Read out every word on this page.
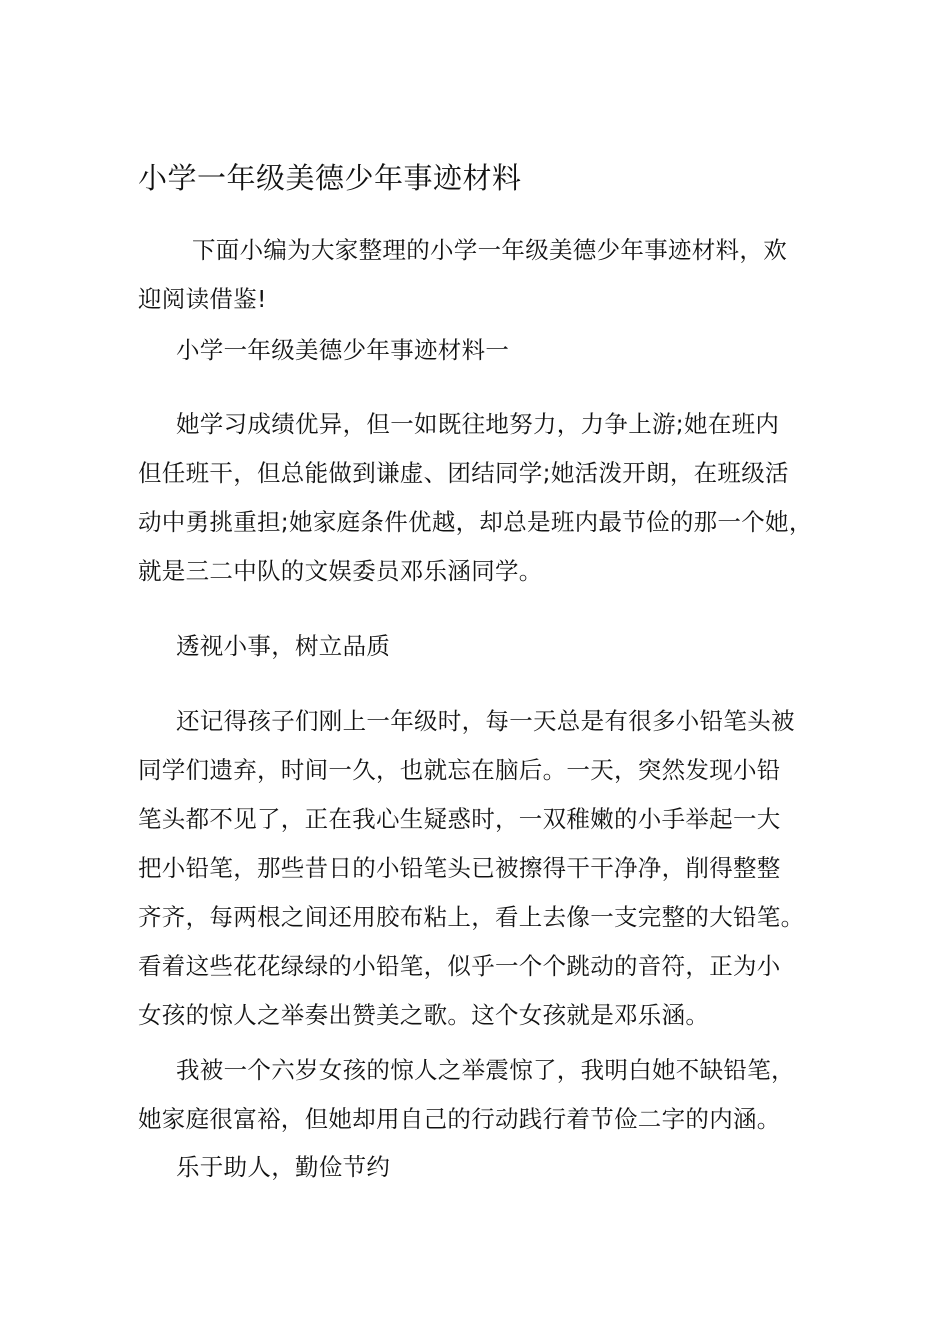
小学一年级美德少年事迹材料
下面小编为大家整理的小学一年级美德少年事迹材料，欢
迎阅读借鉴!
小学一年级美德少年事迹材料一
她学习成绩优异，但一如既往地努力，力争上游;她在班内
但任班干，但总能做到谦虚、团结同学;她活泼开朗，在班级活
动中勇挑重担;她家庭条件优越，却总是班内最节俭的那一个她，
就是三二中队的文娱委员邓乐涵同学。
透视小事，树立品质
还记得孩子们刚上一年级时，每一天总是有很多小铅笔头被
同学们遗弃，时间一久，也就忘在脑后。一天，突然发现小铅
笔头都不见了，正在我心生疑惑时，一双稚嫩的小手举起一大
把小铅笔，那些昔日的小铅笔头已被擦得干干净净，削得整整
齐齐，每两根之间还用胶布粘上，看上去像一支完整的大铅笔。
看着这些花花绿绿的小铅笔，似乎一个个跳动的音符，正为小
女孩的惊人之举奏出赞美之歌。这个女孩就是邓乐涵。
我被一个六岁女孩的惊人之举震惊了，我明白她不缺铅笔，
她家庭很富裕，但她却用自己的行动践行着节俭二字的内涵。
乐于助人，勤俭节约
